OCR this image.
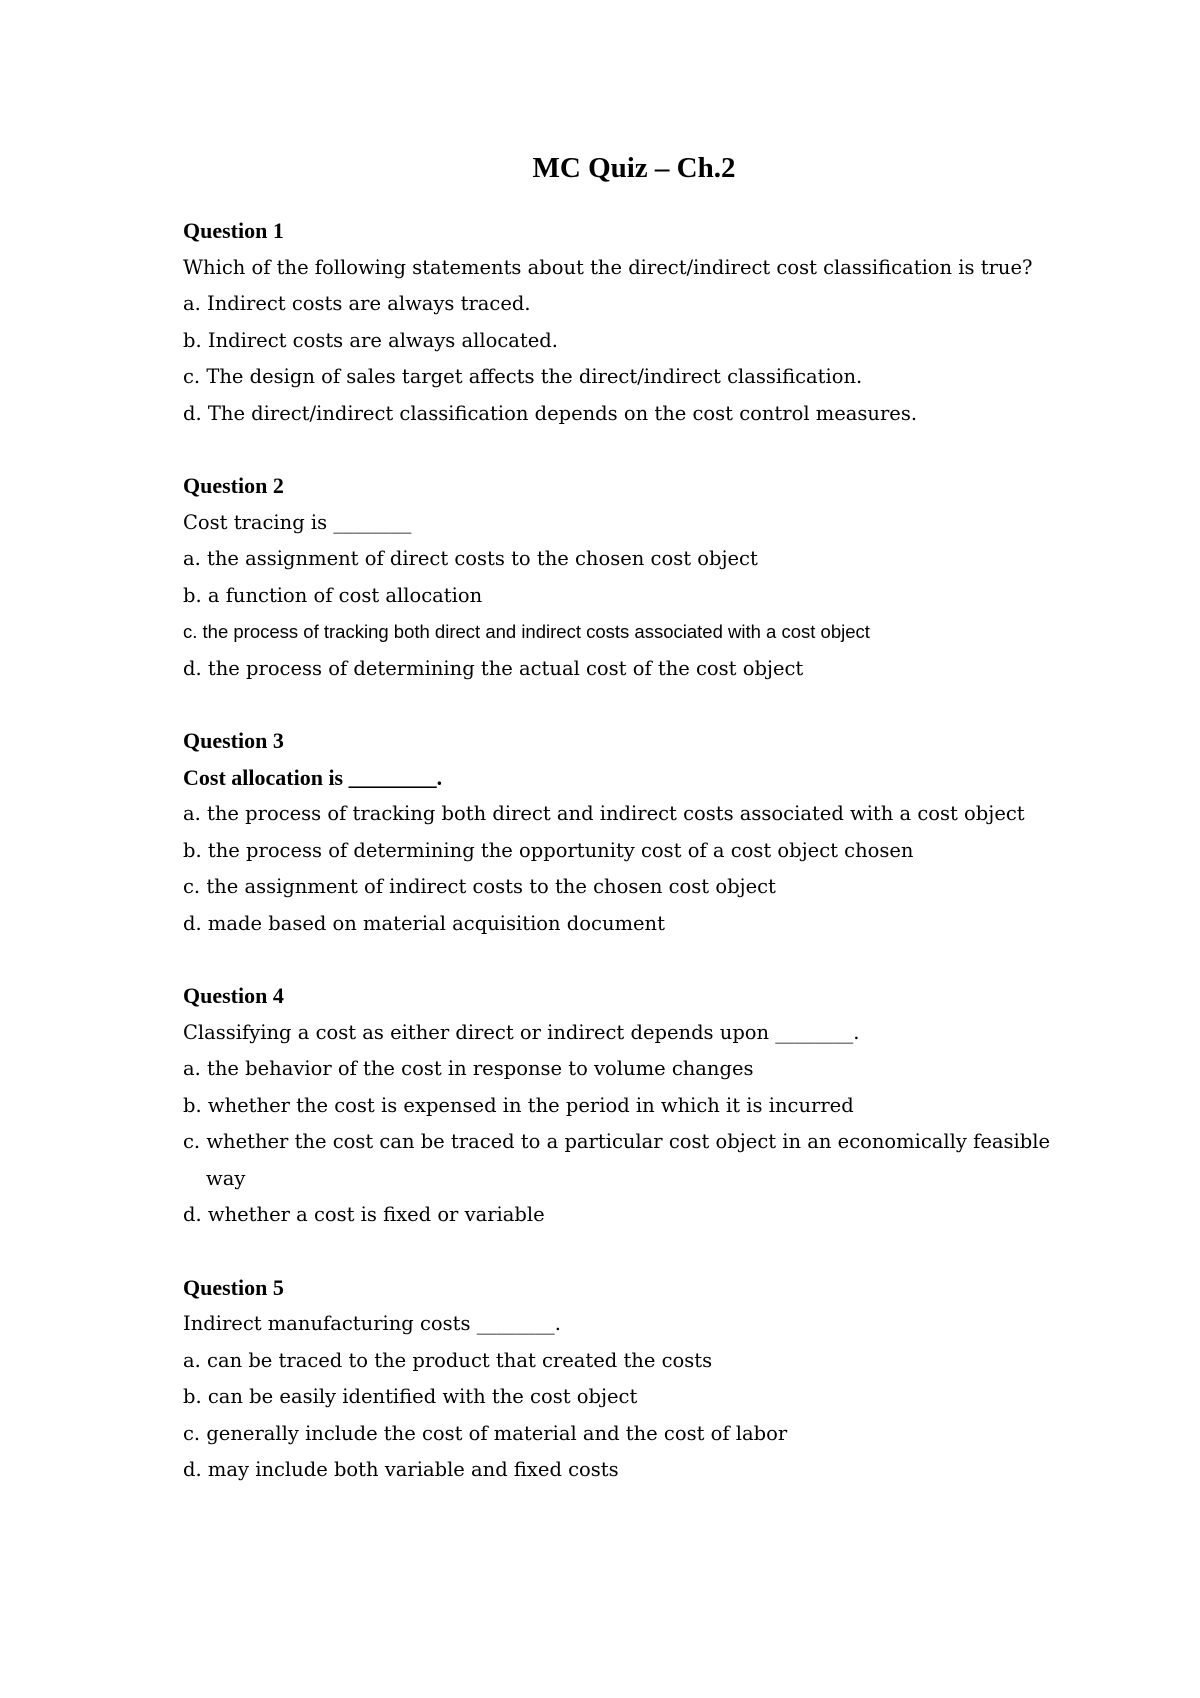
MC Quiz – Ch.2
Question 1
Which of the following statements about the direct/indirect cost classification is true?
a. Indirect costs are always traced.
b. Indirect costs are always allocated.
c. The design of sales target affects the direct/indirect classification.
d. The direct/indirect classification depends on the cost control measures.
Question 2
Cost tracing is ________
a. the assignment of direct costs to the chosen cost object
b. a function of cost allocation
c. the process of tracking both direct and indirect costs associated with a cost object
d. the process of determining the actual cost of the cost object
Question 3
Cost allocation is ________.
a. the process of tracking both direct and indirect costs associated with a cost object
b. the process of determining the opportunity cost of a cost object chosen
c. the assignment of indirect costs to the chosen cost object
d. made based on material acquisition document
Question 4
Classifying a cost as either direct or indirect depends upon ________.
a. the behavior of the cost in response to volume changes
b. whether the cost is expensed in the period in which it is incurred
c. whether the cost can be traced to a particular cost object in an economically feasible way
d. whether a cost is fixed or variable
Question 5
Indirect manufacturing costs ________.
a. can be traced to the product that created the costs
b. can be easily identified with the cost object
c. generally include the cost of material and the cost of labor
d. may include both variable and fixed costs
